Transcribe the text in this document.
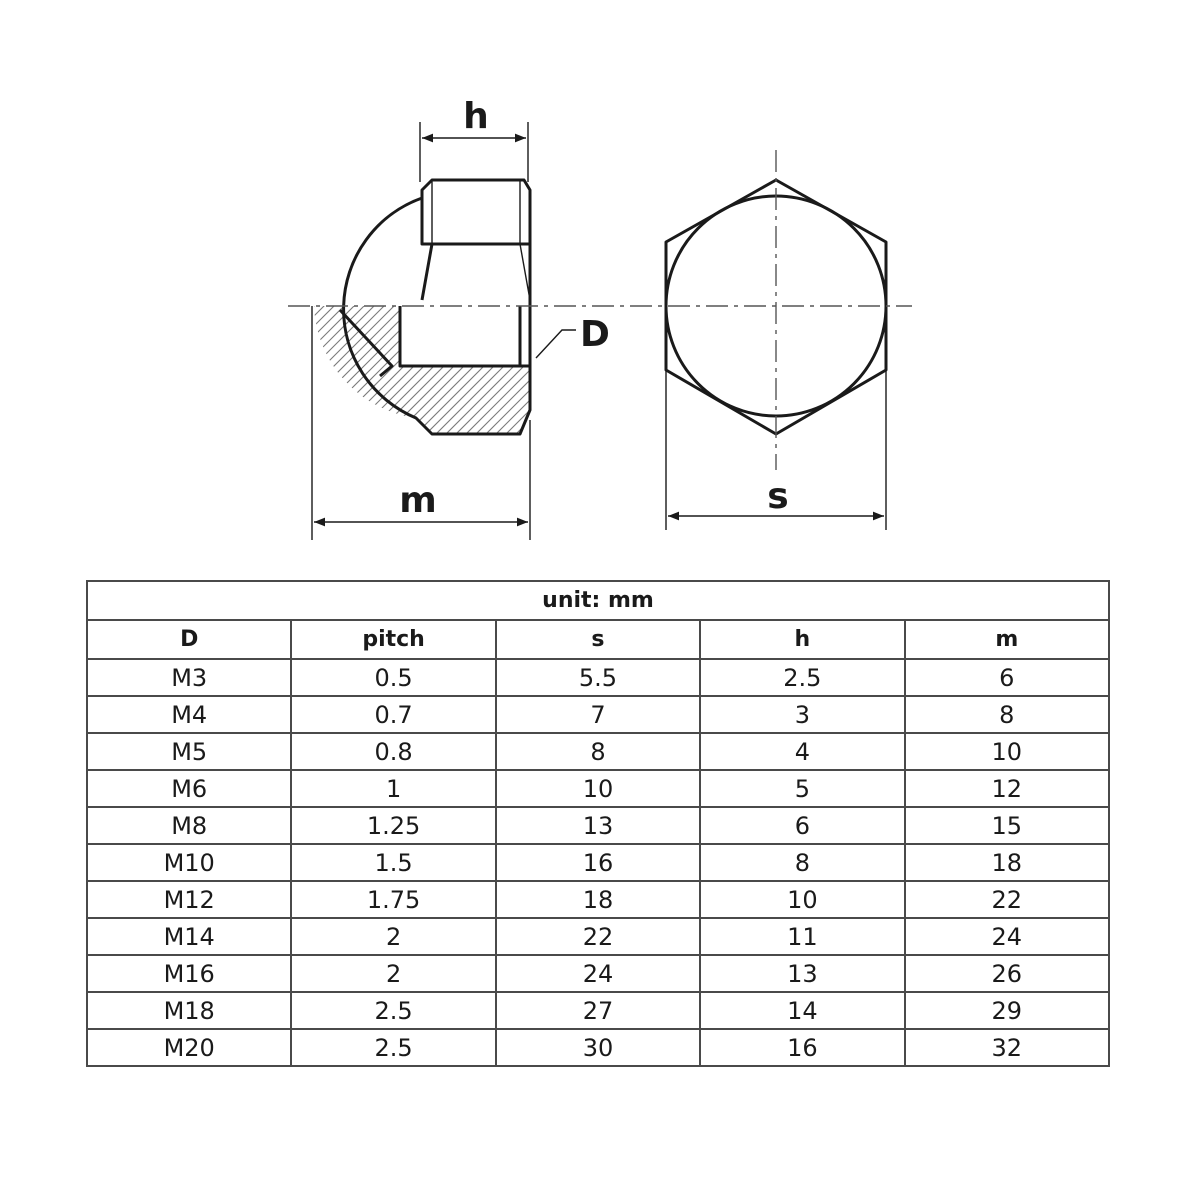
h
m
D
s
unit: mm				
D	pitch	s	h	m
M3	0.5	5.5	2.5	6
M4	0.7	7	3	8
M5	0.8	8	4	10
M6	1	10	5	12
M8	1.25	13	6	15
M10	1.5	16	8	18
M12	1.75	18	10	22
M14	2	22	11	24
M16	2	24	13	26
M18	2.5	27	14	29
M20	2.5	30	16	32
